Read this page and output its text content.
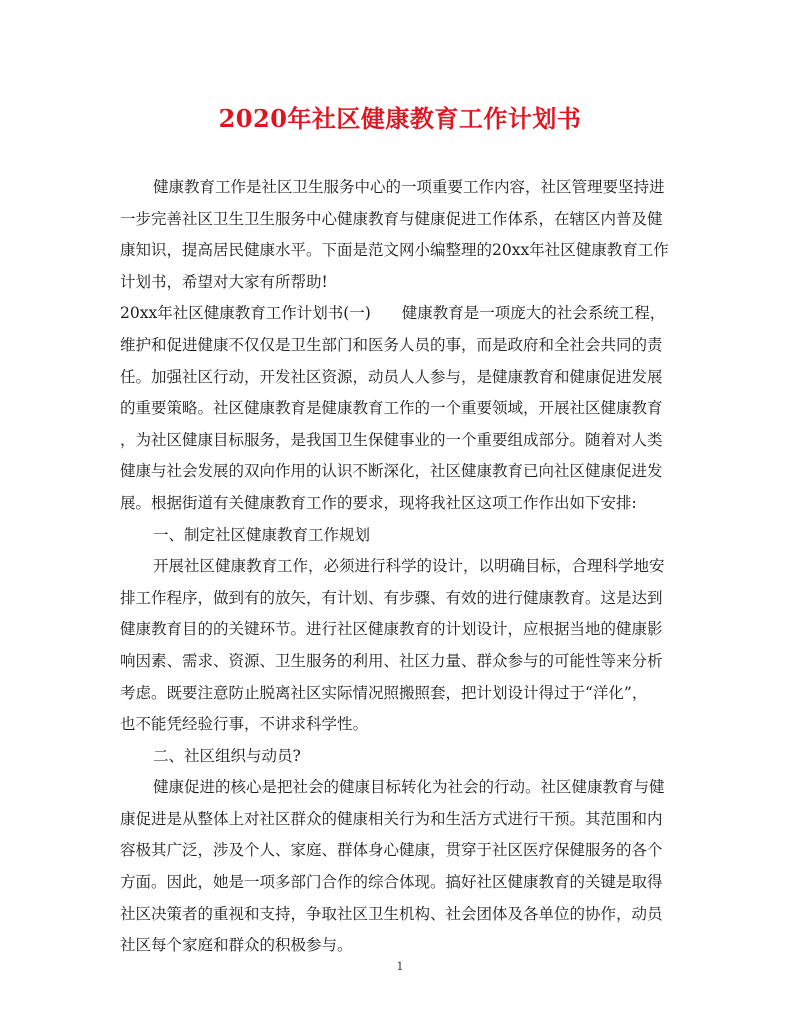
2020年社区健康教育工作计划书
健康教育工作是社区卫生服务中心的一项重要工作内容，社区管理要坚持进
一步完善社区卫生卫生服务中心健康教育与健康促进工作体系，在辖区内普及健
康知识，提高居民健康水平。下面是范文网小编整理的20xx年社区健康教育工作
计划书，希望对大家有所帮助!
20xx年社区健康教育工作计划书(一)　　健康教育是一项庞大的社会系统工程，
维护和促进健康不仅仅是卫生部门和医务人员的事，而是政府和全社会共同的责
任。加强社区行动，开发社区资源，动员人人参与，是健康教育和健康促进发展
的重要策略。社区健康教育是健康教育工作的一个重要领域，开展社区健康教育
，为社区健康目标服务，是我国卫生保健事业的一个重要组成部分。随着对人类
健康与社会发展的双向作用的认识不断深化，社区健康教育已向社区健康促进发
展。根据街道有关健康教育工作的要求，现将我社区这项工作作出如下安排:
一、制定社区健康教育工作规划
开展社区健康教育工作，必须进行科学的设计，以明确目标，合理科学地安
排工作程序，做到有的放矢，有计划、有步骤、有效的进行健康教育。这是达到
健康教育目的的关键环节。进行社区健康教育的计划设计，应根据当地的健康影
响因素、需求、资源、卫生服务的利用、社区力量、群众参与的可能性等来分析
考虑。既要注意防止脱离社区实际情况照搬照套，把计划设计得过于“洋化”，
也不能凭经验行事，不讲求科学性。
二、社区组织与动员?
健康促进的核心是把社会的健康目标转化为社会的行动。社区健康教育与健
康促进是从整体上对社区群众的健康相关行为和生活方式进行干预。其范围和内
容极其广泛，涉及个人、家庭、群体身心健康，贯穿于社区医疗保健服务的各个
方面。因此，她是一项多部门合作的综合体现。搞好社区健康教育的关键是取得
社区决策者的重视和支持，争取社区卫生机构、社会团体及各单位的协作，动员
社区每个家庭和群众的积极参与。
1
